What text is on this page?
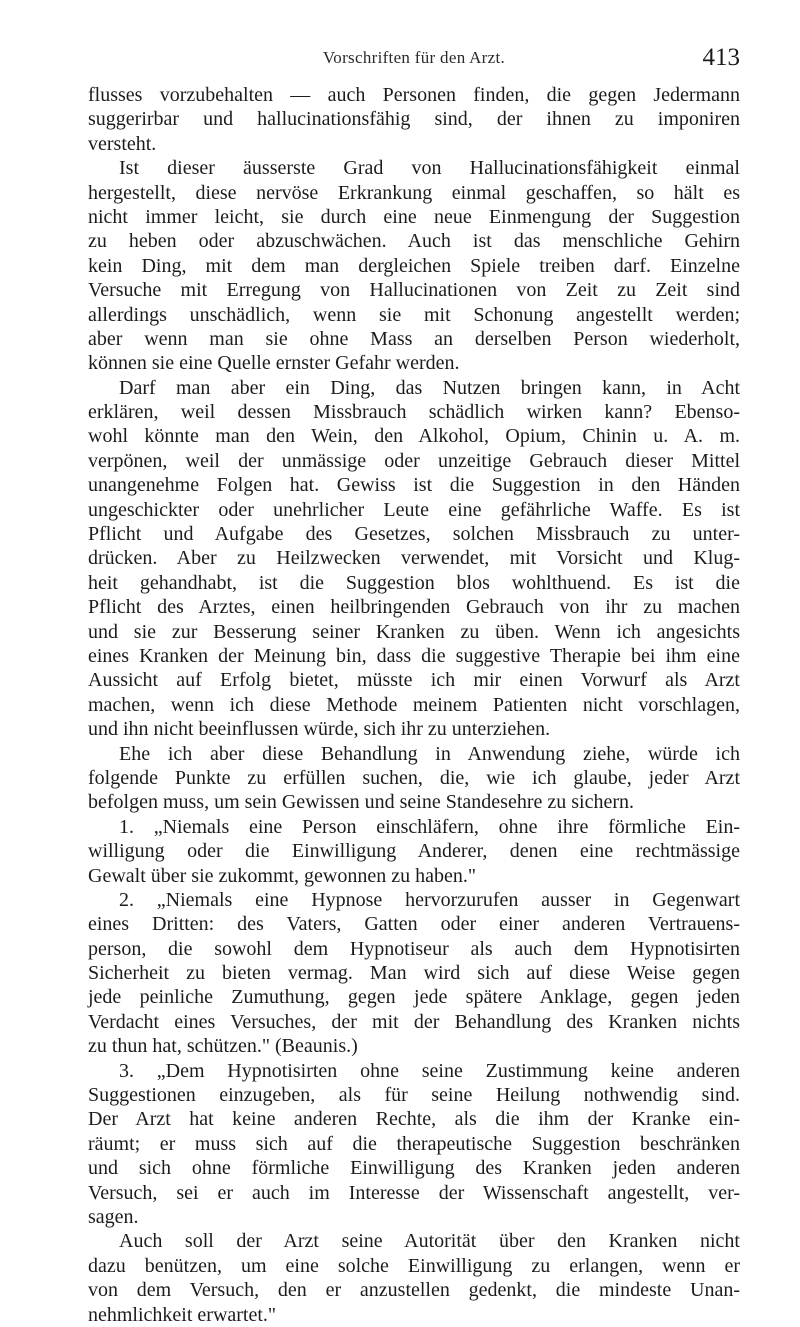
Vorschriften für den Arzt.	413
flusses vorzubehalten — auch Personen finden, die gegen Jedermann
suggerirbar und hallucinationsfähig sind, der ihnen zu imponiren
versteht.
Ist dieser äusserste Grad von Hallucinationsfähigkeit einmal
hergestellt, diese nervöse Erkrankung einmal geschaffen, so hält es
nicht immer leicht, sie durch eine neue Einmengung der Suggestion
zu heben oder abzuschwächen. Auch ist das menschliche Gehirn
kein Ding, mit dem man dergleichen Spiele treiben darf. Einzelne
Versuche mit Erregung von Hallucinationen von Zeit zu Zeit sind
allerdings unschädlich, wenn sie mit Schonung angestellt werden;
aber wenn man sie ohne Mass an derselben Person wiederholt,
können sie eine Quelle ernster Gefahr werden.
Darf man aber ein Ding, das Nutzen bringen kann, in Acht
erklären, weil dessen Missbrauch schädlich wirken kann? Ebenso-
wohl könnte man den Wein, den Alkohol, Opium, Chinin u. A. m.
verpönen, weil der unmässige oder unzeitige Gebrauch dieser Mittel
unangenehme Folgen hat. Gewiss ist die Suggestion in den Händen
ungeschickter oder unehrlicher Leute eine gefährliche Waffe. Es ist
Pflicht und Aufgabe des Gesetzes, solchen Missbrauch zu unter-
drücken. Aber zu Heilzwecken verwendet, mit Vorsicht und Klug-
heit gehandhabt, ist die Suggestion blos wohlthuend. Es ist die
Pflicht des Arztes, einen heilbringenden Gebrauch von ihr zu machen
und sie zur Besserung seiner Kranken zu üben. Wenn ich angesichts
eines Kranken der Meinung bin, dass die suggestive Therapie bei ihm eine
Aussicht auf Erfolg bietet, müsste ich mir einen Vorwurf als Arzt
machen, wenn ich diese Methode meinem Patienten nicht vorschlagen,
und ihn nicht beeinflussen würde, sich ihr zu unterziehen.
Ehe ich aber diese Behandlung in Anwendung ziehe, würde ich
folgende Punkte zu erfüllen suchen, die, wie ich glaube, jeder Arzt
befolgen muss, um sein Gewissen und seine Standesehre zu sichern.
1. „Niemals eine Person einschläfern, ohne ihre förmliche Ein-
willigung oder die Einwilligung Anderer, denen eine rechtmässige
Gewalt über sie zukommt, gewonnen zu haben."
2. „Niemals eine Hypnose hervorzurufen ausser in Gegenwart
eines Dritten: des Vaters, Gatten oder einer anderen Vertrauens-
person, die sowohl dem Hypnotiseur als auch dem Hypnotisirten
Sicherheit zu bieten vermag. Man wird sich auf diese Weise gegen
jede peinliche Zumuthung, gegen jede spätere Anklage, gegen jeden
Verdacht eines Versuches, der mit der Behandlung des Kranken nichts
zu thun hat, schützen." (Beaunis.)
3. „Dem Hypnotisirten ohne seine Zustimmung keine anderen
Suggestionen einzugeben, als für seine Heilung nothwendig sind.
Der Arzt hat keine anderen Rechte, als die ihm der Kranke ein-
räumt; er muss sich auf die therapeutische Suggestion beschränken
und sich ohne förmliche Einwilligung des Kranken jeden anderen
Versuch, sei er auch im Interesse der Wissenschaft angestellt, ver-
sagen.
Auch soll der Arzt seine Autorität über den Kranken nicht
dazu benützen, um eine solche Einwilligung zu erlangen, wenn er
von dem Versuch, den er anzustellen gedenkt, die mindeste Unan-
nehmlichkeit erwartet."
